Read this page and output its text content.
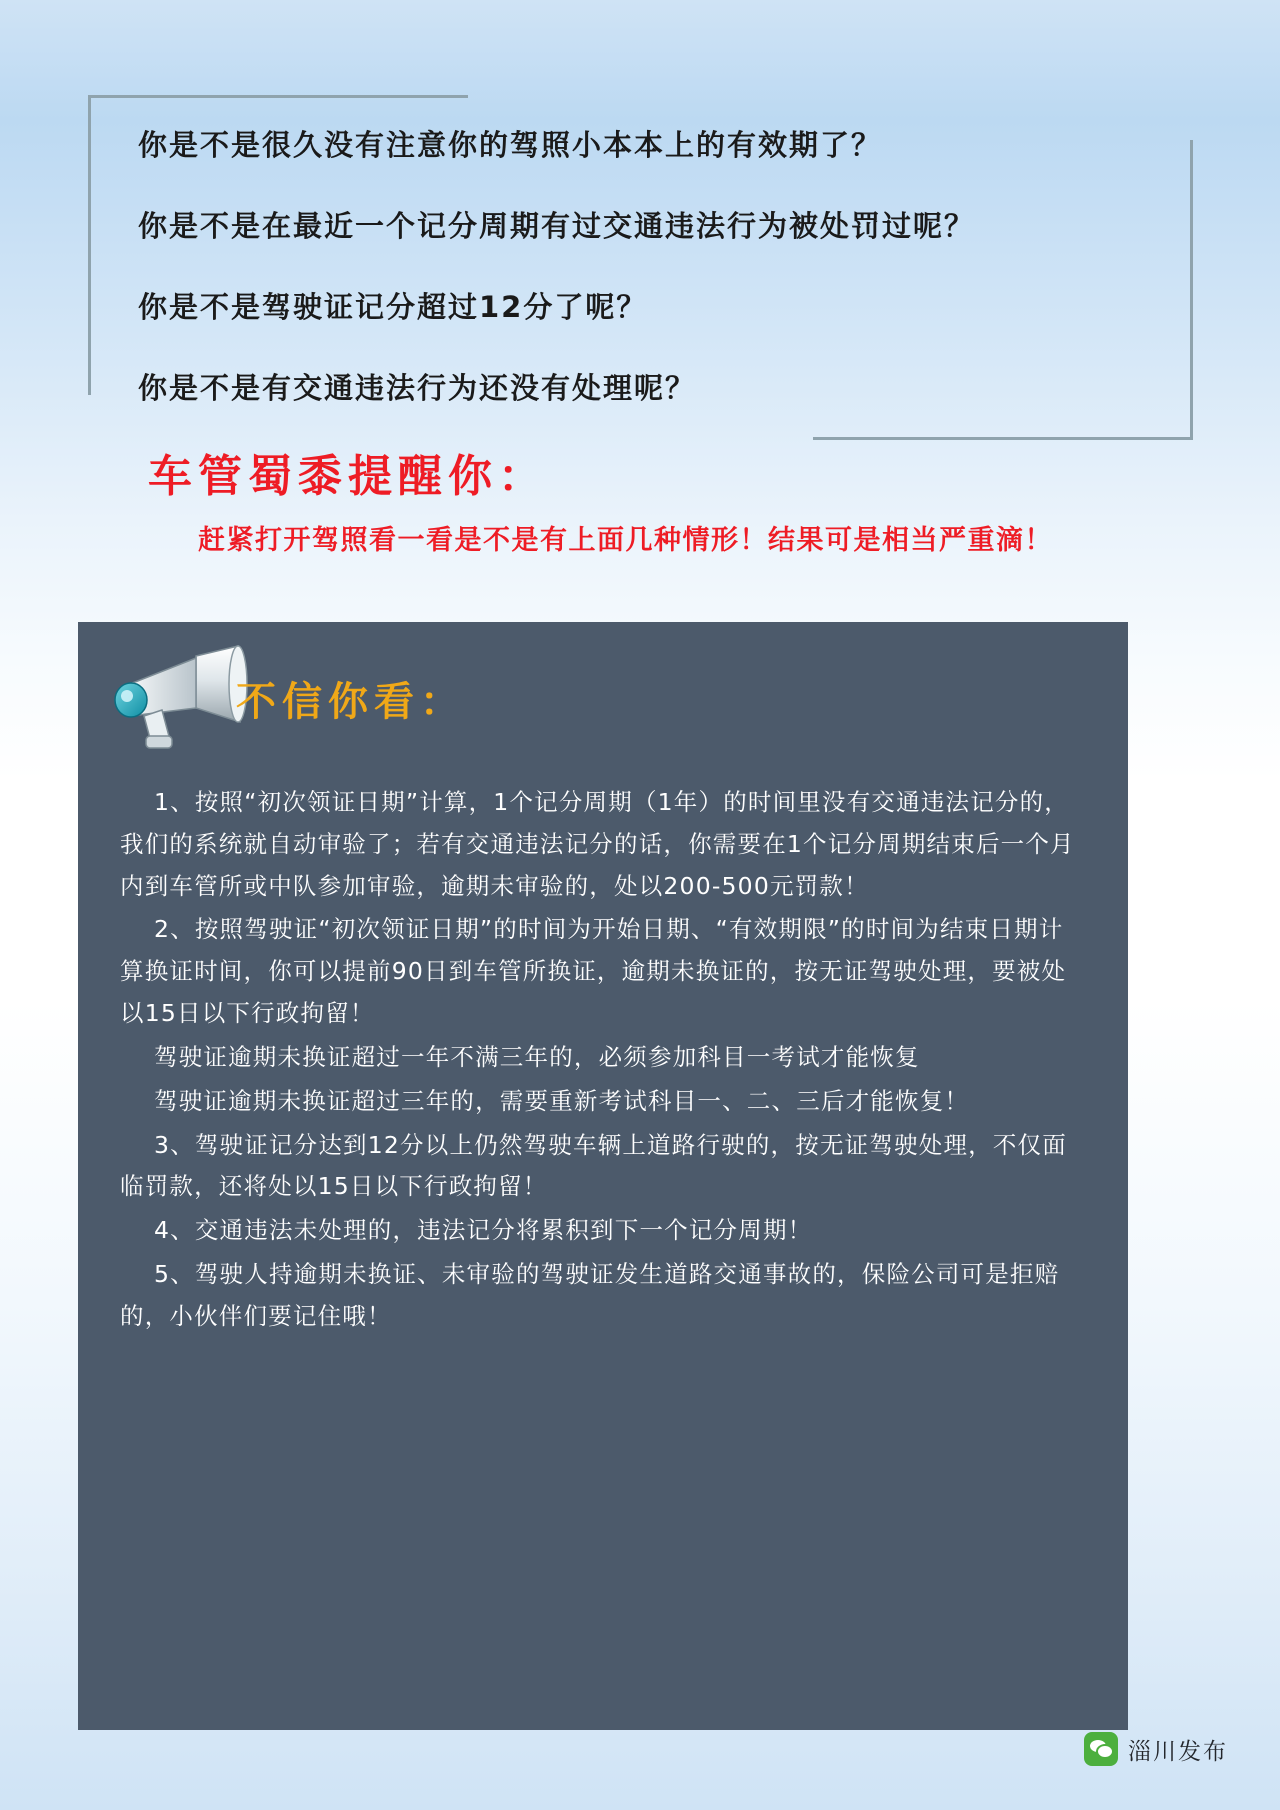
你是不是很久没有注意你的驾照小本本上的有效期了？
你是不是在最近一个记分周期有过交通违法行为被处罚过呢？
你是不是驾驶证记分超过12分了呢？
你是不是有交通违法行为还没有处理呢？
车管蜀黍提醒你：
赶紧打开驾照看一看是不是有上面几种情形！结果可是相当严重滴！
不信你看：
1、按照“初次领证日期”计算，1个记分周期（1年）的时间里没有交通违法记分的，我们的系统就自动审验了；若有交通违法记分的话，你需要在1个记分周期结束后一个月内到车管所或中队参加审验，逾期未审验的，处以200-500元罚款！
2、按照驾驶证“初次领证日期”的时间为开始日期、“有效期限”的时间为结束日期计算换证时间，你可以提前90日到车管所换证，逾期未换证的，按无证驾驶处理，要被处以15日以下行政拘留！
驾驶证逾期未换证超过一年不满三年的，必须参加科目一考试才能恢复
驾驶证逾期未换证超过三年的，需要重新考试科目一、二、三后才能恢复！
3、驾驶证记分达到12分以上仍然驾驶车辆上道路行驶的，按无证驾驶处理，不仅面临罚款，还将处以15日以下行政拘留！
4、交通违法未处理的，违法记分将累积到下一个记分周期！
5、驾驶人持逾期未换证、未审验的驾驶证发生道路交通事故的，保险公司可是拒赔的，小伙伴们要记住哦！
淄川发布
